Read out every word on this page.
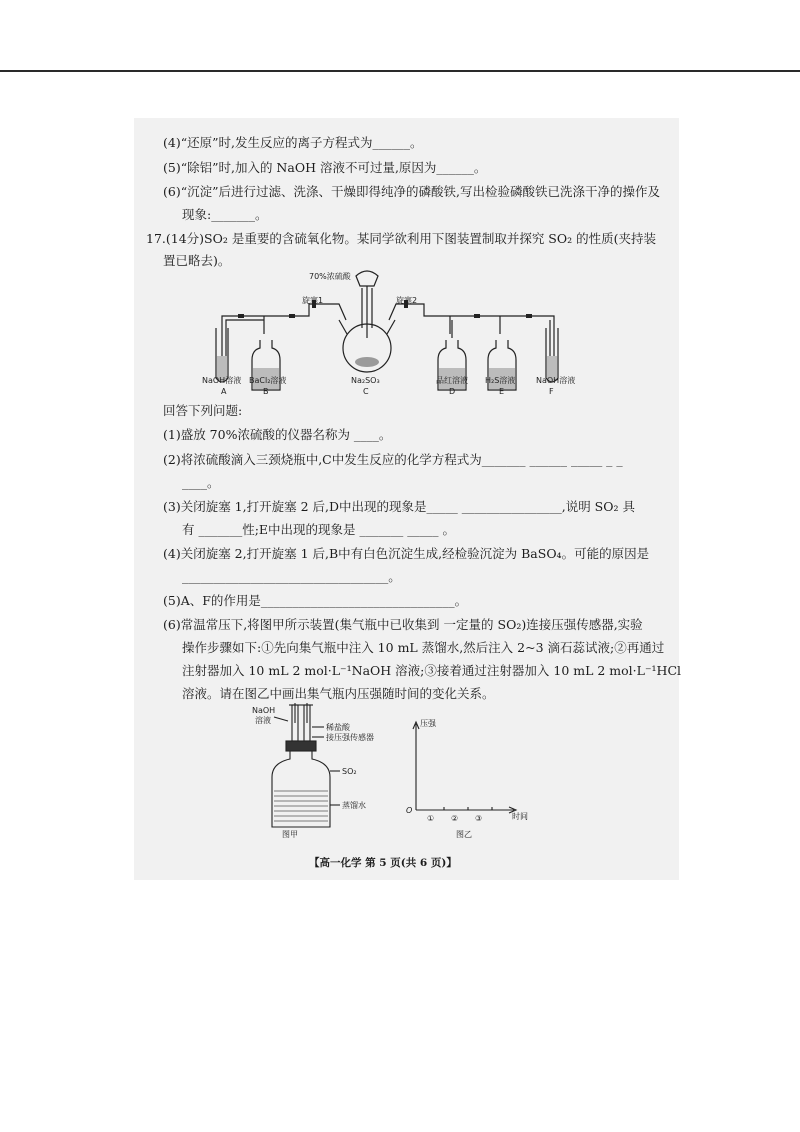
(4)“还原”时,发生反应的离子方程式为______。
(5)“除铝”时,加入的 NaOH 溶液不可过量,原因为______。
(6)“沉淀”后进行过滤、洗涤、干燥即得纯净的磷酸铁,写出检验磷酸铁已洗涤干净的操作及
现象:_______。
17.(14分)SO₂ 是重要的含硫氧化物。某同学欲利用下图装置制取并探究 SO₂ 的性质(夹持装
置已略去)。
70%浓硫酸
旋塞1	旋塞2
NaOH溶液
A
BaCl₂溶液
B
Na₂SO₃
C
品红溶液
D
H₂S溶液
E
NaOH溶液
F
回答下列问题:
(1)盛放 70%浓硫酸的仪器名称为 ____。
(2)将浓硫酸滴入三颈烧瓶中,C中发生反应的化学方程式为_______ ______ _____ _ _
____。
(3)关闭旋塞 1,打开旋塞 2 后,D中出现的现象是_____ ________________,说明 SO₂ 具
有 _______性;E中出现的现象是 _______ _____ 。
(4)关闭旋塞 2,打开旋塞 1 后,B中有白色沉淀生成,经检验沉淀为 BaSO₄。可能的原因是
_________________________________。
(5)A、F的作用是_______________________________。
(6)常温常压下,将图甲所示装置(集气瓶中已收集到 一定量的 SO₂)连接压强传感器,实验
操作步骤如下:①先向集气瓶中注入 10 mL 蒸馏水,然后注入 2~3 滴石蕊试液;②再通过
注射器加入 10 mL 2 mol·L⁻¹NaOH 溶液;③接着通过注射器加入 10 mL 2 mol·L⁻¹HCl
溶液。请在图乙中画出集气瓶内压强随时间的变化关系。
NaOH
溶液
稀盐酸
接压强传感器
SO₂
蒸馏水
图甲
压强
O
① ② ③	时间
图乙
【高一化学 第 5 页(共 6 页)】
